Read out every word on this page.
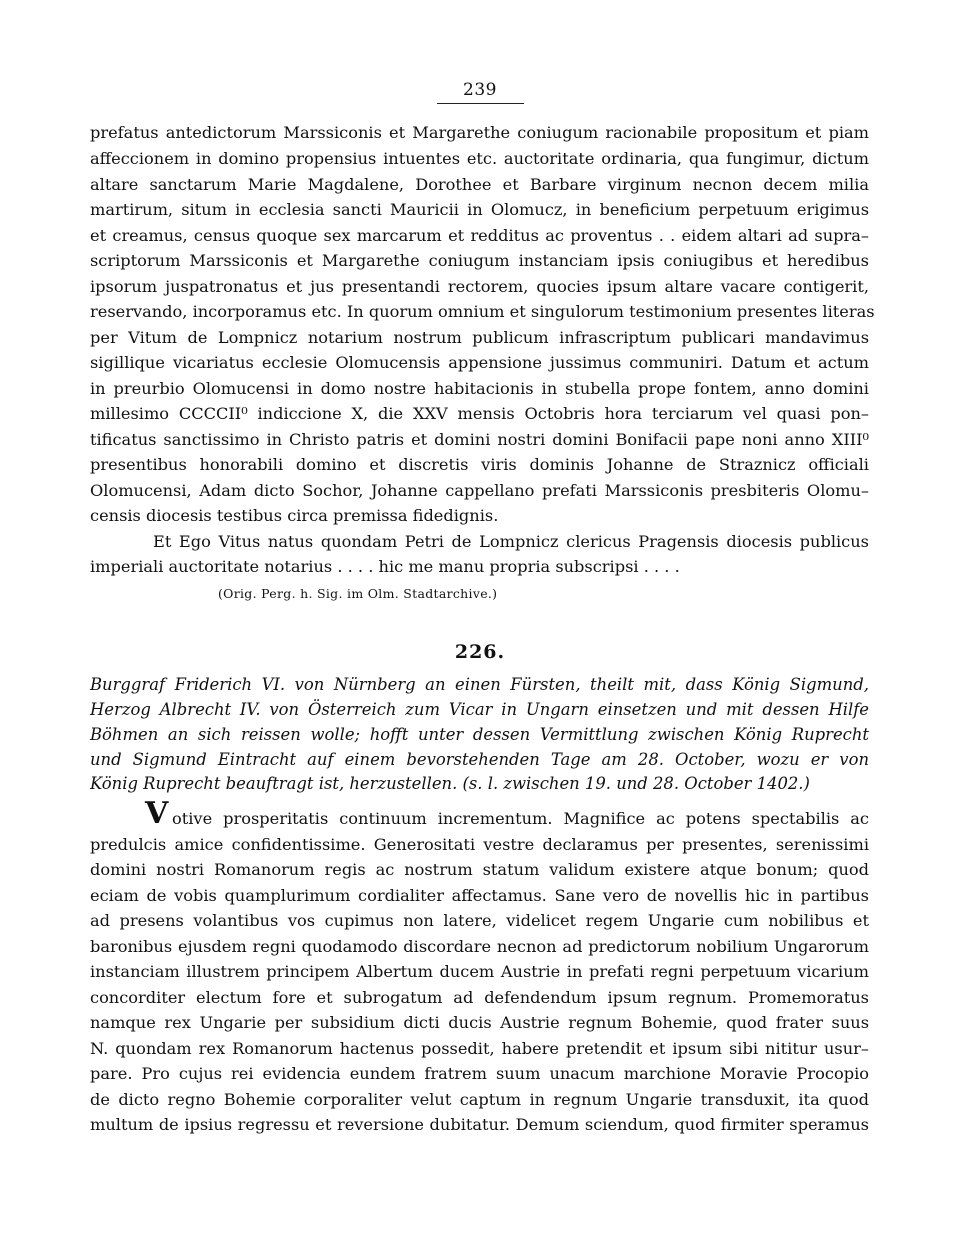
239
prefatus antedictorum Marssiconis et Margarethe coniugum racionabile propositum et piam
affeccionem in domino propensius intuentes etc. auctoritate ordinaria, qua fungimur, dictum
altare sanctarum Marie Magdalene, Dorothee et Barbare virginum necnon decem milia
martirum, situm in ecclesia sancti Mauricii in Olomucz, in beneficium perpetuum erigimus
et creamus, census quoque sex marcarum et redditus ac proventus . . eidem altari ad supra–
scriptorum Marssiconis et Margarethe coniugum instanciam ipsis coniugibus et heredibus
ipsorum juspatronatus et jus presentandi rectorem, quocies ipsum altare vacare contigerit,
reservando, incorporamus etc. In quorum omnium et singulorum testimonium presentes literas
per Vitum de Lompnicz notarium nostrum publicum infrascriptum publicari mandavimus
sigillique vicariatus ecclesie Olomucensis appensione jussimus communiri. Datum et actum
in preurbio Olomucensi in domo nostre habitacionis in stubella prope fontem, anno domini
millesimo CCCCII⁰ indiccione X, die XXV mensis Octobris hora terciarum vel quasi pon–
tificatus sanctissimo in Christo patris et domini nostri domini Bonifacii pape noni anno XIII⁰
presentibus honorabili domino et discretis viris dominis Johanne de Straznicz officiali
Olomucensi, Adam dicto Sochor, Johanne cappellano prefati Marssiconis presbiteris Olomu–
censis diocesis testibus circa premissa fidedignis.
Et Ego Vitus natus quondam Petri de Lompnicz clericus Pragensis diocesis publicus
imperiali auctoritate notarius . . . . hic me manu propria subscripsi . . . .
(Orig. Perg. h. Sig. im Olm. Stadtarchive.)
226.
Burggraf Friderich VI. von Nürnberg an einen Fürsten, theilt mit, dass König Sigmund,
Herzog Albrecht IV. von Österreich zum Vicar in Ungarn einsetzen und mit dessen Hilfe
Böhmen an sich reissen wolle; hofft unter dessen Vermittlung zwischen König Ruprecht
und Sigmund Eintracht auf einem bevorstehenden Tage am 28. October, wozu er von
König Ruprecht beauftragt ist, herzustellen. (s. l. zwischen 19. und 28. October 1402.)
V otive prosperitatis continuum incrementum. Magnifice ac potens spectabilis ac
predulcis amice confidentissime. Generositati vestre declaramus per presentes, serenissimi
domini nostri Romanorum regis ac nostrum statum validum existere atque bonum; quod
eciam de vobis quamplurimum cordialiter affectamus. Sane vero de novellis hic in partibus
ad presens volantibus vos cupimus non latere, videlicet regem Ungarie cum nobilibus et
baronibus ejusdem regni quodamodo discordare necnon ad predictorum nobilium Ungarorum
instanciam illustrem principem Albertum ducem Austrie in prefati regni perpetuum vicarium
concorditer electum fore et subrogatum ad defendendum ipsum regnum. Promemoratus
namque rex Ungarie per subsidium dicti ducis Austrie regnum Bohemie, quod frater suus
N. quondam rex Romanorum hactenus possedit, habere pretendit et ipsum sibi nititur usur–
pare. Pro cujus rei evidencia eundem fratrem suum unacum marchione Moravie Procopio
de dicto regno Bohemie corporaliter velut captum in regnum Ungarie transduxit, ita quod
multum de ipsius regressu et reversione dubitatur. Demum sciendum, quod firmiter speramus
